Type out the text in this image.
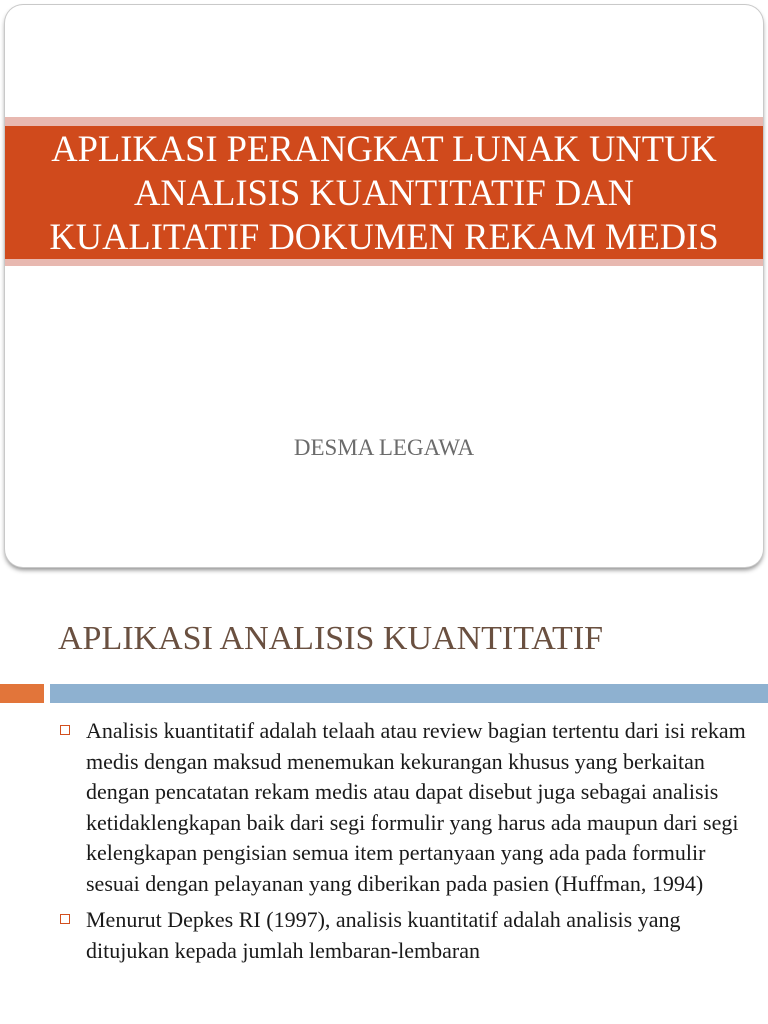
APLIKASI PERANGKAT LUNAK UNTUK
ANALISIS KUANTITATIF DAN
KUALITATIF DOKUMEN REKAM MEDIS
DESMA LEGAWA
APLIKASI ANALISIS KUANTITATIF
Analisis kuantitatif adalah telaah atau review bagian tertentu dari isi rekam medis dengan maksud menemukan kekurangan khusus yang berkaitan dengan pencatatan rekam medis atau dapat disebut juga sebagai analisis ketidaklengkapan baik dari segi formulir yang harus ada maupun dari segi kelengkapan pengisian semua item pertanyaan yang ada pada formulir sesuai dengan pelayanan yang diberikan pada pasien (Huffman, 1994)
Menurut Depkes RI (1997), analisis kuantitatif adalah analisis yang ditujukan kepada jumlah lembaran-lembaran
